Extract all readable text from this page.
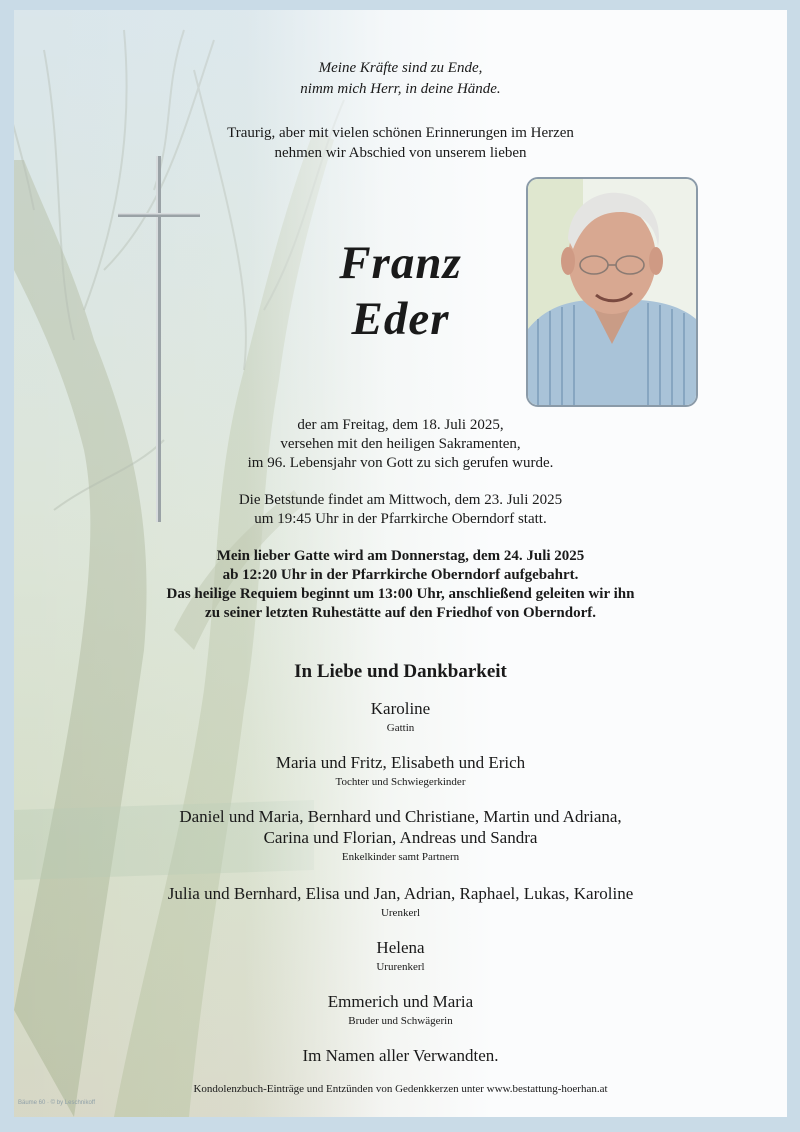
Meine Kräfte sind zu Ende,
nimm mich Herr, in deine Hände.
Traurig, aber mit vielen schönen Erinnerungen im Herzen
nehmen wir Abschied von unserem lieben
Franz
Eder
der am Freitag, dem 18. Juli 2025,
versehen mit den heiligen Sakramenten,
im 96. Lebensjahr von Gott zu sich gerufen wurde.
Die Betstunde findet am Mittwoch, dem 23. Juli 2025
um 19:45 Uhr in der Pfarrkirche Oberndorf statt.
Mein lieber Gatte wird am Donnerstag, dem 24. Juli 2025
ab 12:20 Uhr in der Pfarrkirche Oberndorf aufgebahrt.
Das heilige Requiem beginnt um 13:00 Uhr, anschließend geleiten wir ihn
zu seiner letzten Ruhestätte auf den Friedhof von Oberndorf.
In Liebe und Dankbarkeit
Karoline
Gattin
Maria und Fritz, Elisabeth und Erich
Tochter und Schwiegerkinder
Daniel und Maria, Bernhard und Christiane, Martin und Adriana,
Carina und Florian, Andreas und Sandra
Enkelkinder samt Partnern
Julia und Bernhard, Elisa und Jan, Adrian, Raphael, Lukas, Karoline
Urenkerl
Helena
Ururenkerl
Emmerich und Maria
Bruder und Schwägerin
Im Namen aller Verwandten.
Kondolenzbuch-Einträge und Entzünden von Gedenkkerzen unter www.bestattung-hoerhan.at
Bäume 60 · © by Leschnikoff
